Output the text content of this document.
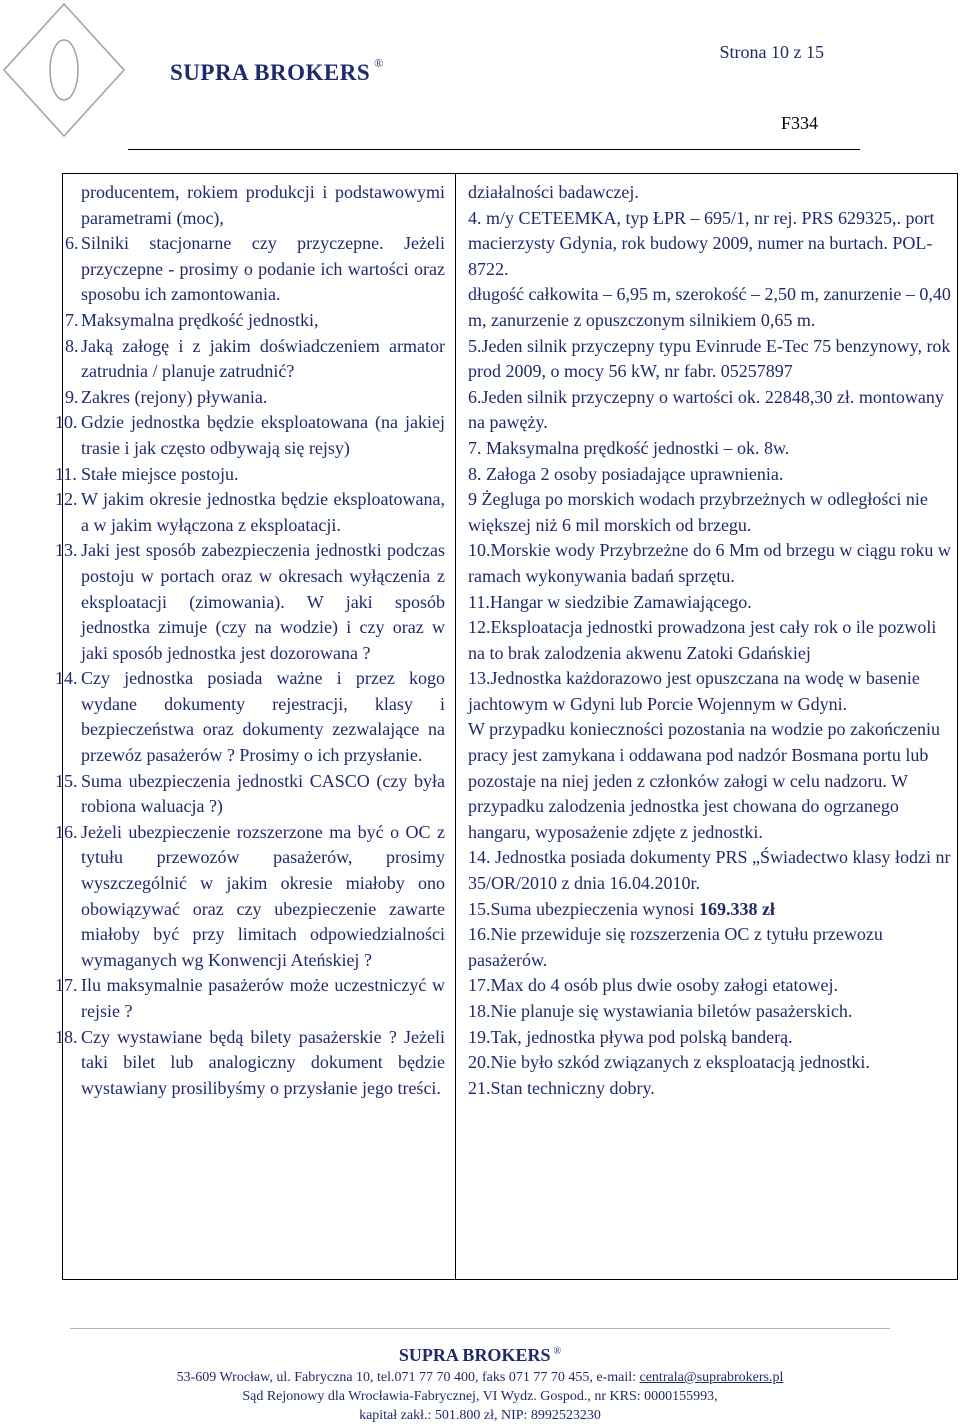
SUPRA BROKERS ®
Strona 10 z 15
F334

producentem, rokiem produkcji i podstawowymi parametrami (moc),

6. Silniki stacjonarne czy przyczepne. Jeżeli przyczepne - prosimy o podanie ich wartości oraz sposobu ich zamontowania.
7. Maksymalna prędkość jednostki,
8. Jaką załogę i z jakim doświadczeniem armator zatrudnia / planuje zatrudnić?
9. Zakres (rejony) pływania.
10. Gdzie jednostka będzie eksploatowana (na jakiej trasie i jak często odbywają się rejsy)
11. Stałe miejsce postoju.
12. W jakim okresie jednostka będzie eksploatowana, a w jakim wyłączona z eksploatacji.
13. Jaki jest sposób zabezpieczenia jednostki podczas postoju w portach oraz w okresach wyłączenia z eksploatacji (zimowania). W jaki sposób jednostka zimuje (czy na wodzie) i czy oraz w jaki sposób jednostka jest dozorowana ?
14. Czy jednostka posiada ważne i przez kogo wydane dokumenty rejestracji, klasy i bezpieczeństwa oraz dokumenty zezwalające na przewóz pasażerów ? Prosimy o ich przysłanie.
15. Suma ubezpieczenia jednostki CASCO (czy była robiona waluacja ?)
16. Jeżeli ubezpieczenie rozszerzone ma być o OC z tytułu przewozów pasażerów, prosimy wyszczególnić w jakim okresie miałoby ono obowiązywać oraz czy ubezpieczenie zawarte miałoby być przy limitach odpowiedzialności wymaganych wg Konwencji Ateńskiej ?
17. Ilu maksymalnie pasażerów może uczestniczyć w rejsie ?
18. Czy wystawiane będą bilety pasażerskie ? Jeżeli taki bilet lub analogiczny dokument będzie wystawiany prosilibyśmy o przysłanie jego treści.

działalności badawczej.

4. m/y CETEEMKA, typ ŁPR – 695/1, nr rej. PRS 629325,. port macierzysty Gdynia, rok budowy 2009, numer na burtach. POL-8722.

długość całkowita – 6,95 m, szerokość – 2,50 m, zanurzenie – 0,40 m, zanurzenie z opuszczonym silnikiem 0,65 m.

5.Jeden silnik przyczepny typu Evinrude E-Tec 75 benzynowy, rok prod 2009, o mocy 56 kW, nr fabr. 05257897

6.Jeden silnik przyczepny o wartości ok. 22848,30 zł. montowany na pawęży.

7. Maksymalna prędkość jednostki – ok. 8w.

8. Załoga 2 osoby posiadające uprawnienia.

9 Żegluga po morskich wodach przybrzeżnych w odległości nie większej niż 6 mil morskich od brzegu.

10.Morskie wody Przybrzeżne do 6 Mm od brzegu w ciągu roku w ramach wykonywania badań sprzętu.

11.Hangar w siedzibie Zamawiającego.

12.Eksploatacja jednostki prowadzona jest cały rok o ile pozwoli na to brak zalodzenia akwenu Zatoki Gdańskiej

13.Jednostka każdorazowo jest opuszczana na wodę w basenie jachtowym w Gdyni lub Porcie Wojennym w Gdyni.

W przypadku konieczności pozostania na wodzie po zakończeniu pracy jest zamykana i oddawana pod nadzór Bosmana portu lub pozostaje na niej jeden z członków załogi w celu nadzoru. W przypadku zalodzenia jednostka jest chowana do ogrzanego hangaru, wyposażenie zdjęte z jednostki.

14. Jednostka posiada dokumenty PRS „Świadectwo klasy łodzi nr 35/OR/2010 z dnia 16.04.2010r.

15.Suma ubezpieczenia wynosi 169.338 zł

16.Nie przewiduje się rozszerzenia OC z tytułu przewozu pasażerów.

17.Max do 4 osób plus dwie osoby załogi etatowej.

18.Nie planuje się wystawiania biletów pasażerskich.

19.Tak, jednostka pływa pod polską banderą.

20.Nie było szkód związanych z eksploatacją jednostki.

21.Stan techniczny dobry.

SUPRA BROKERS ®
53-609 Wrocław, ul. Fabryczna 10, tel.071 77 70 400, faks 071 77 70 455, e-mail: centrala@suprabrokers.pl
Sąd Rejonowy dla Wrocławia-Fabrycznej, VI Wydz. Gospod., nr KRS: 0000155993,
kapitał zakł.: 501.800 zł, NIP: 8992523230
